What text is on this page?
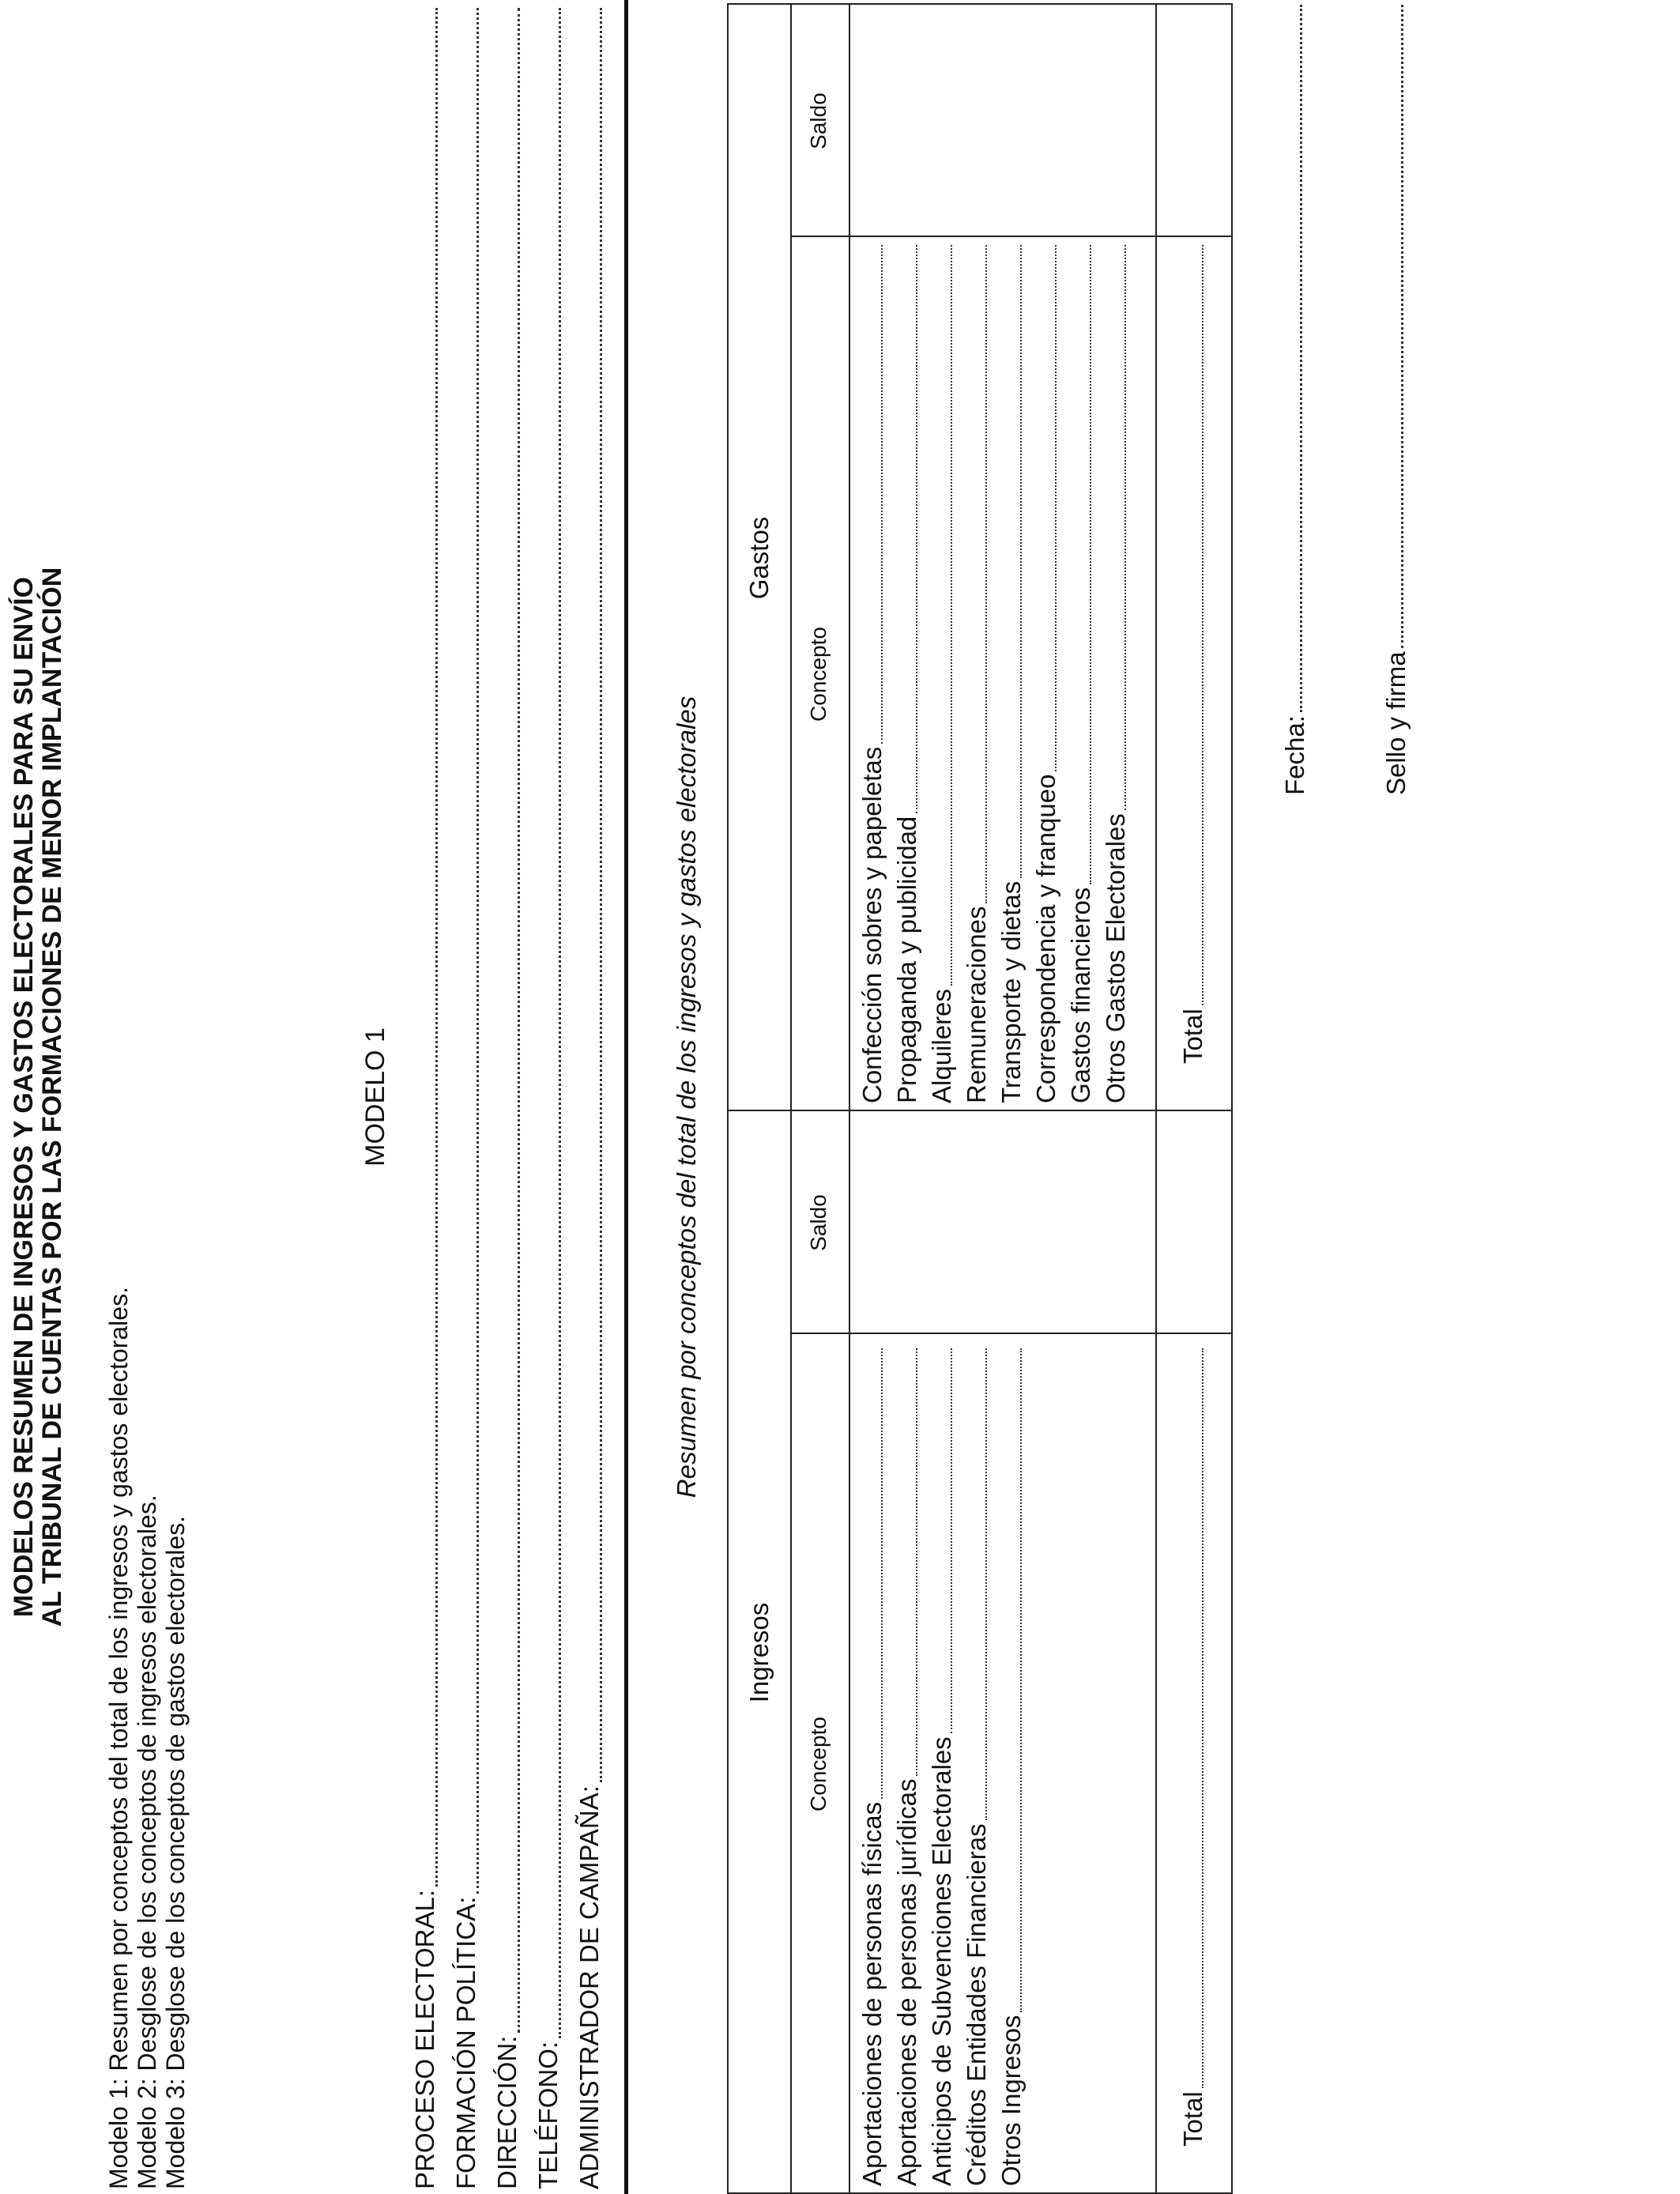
MODELOS RESUMEN DE INGRESOS Y GASTOS ELECTORALES PARA SU ENVÍO
AL TRIBUNAL DE CUENTAS POR LAS FORMACIONES DE MENOR IMPLANTACIÓN
Modelo 1: Resumen por conceptos del total de los ingresos y gastos electorales. Modelo 2: Desglose de los conceptos de ingresos electorales. Modelo 3: Desglose de los conceptos de gastos electorales.
MODELO 1
PROCESO ELECTORAL: FORMACIÓN POLÍTICA: DIRECCIÓN: TELÉFONO: ADMINISTRADOR DE CAMPAÑA:
Resumen por conceptos del total de los ingresos y gastos electorales
Ingresos
Gastos
Concepto
Saldo
Concepto
Saldo
Aportaciones de personas físicas Aportaciones de personas jurídicas Anticipos de Subvenciones Electorales Créditos Entidades Financieras Otros Ingresos	Total
Confección sobres y papeletas Propaganda y publicidad Alquileres Remuneraciones Transporte y dietas Correspondencia y franqueo Gastos financieros Otros Gastos Electorales Total
Fecha:	Sello y firma
